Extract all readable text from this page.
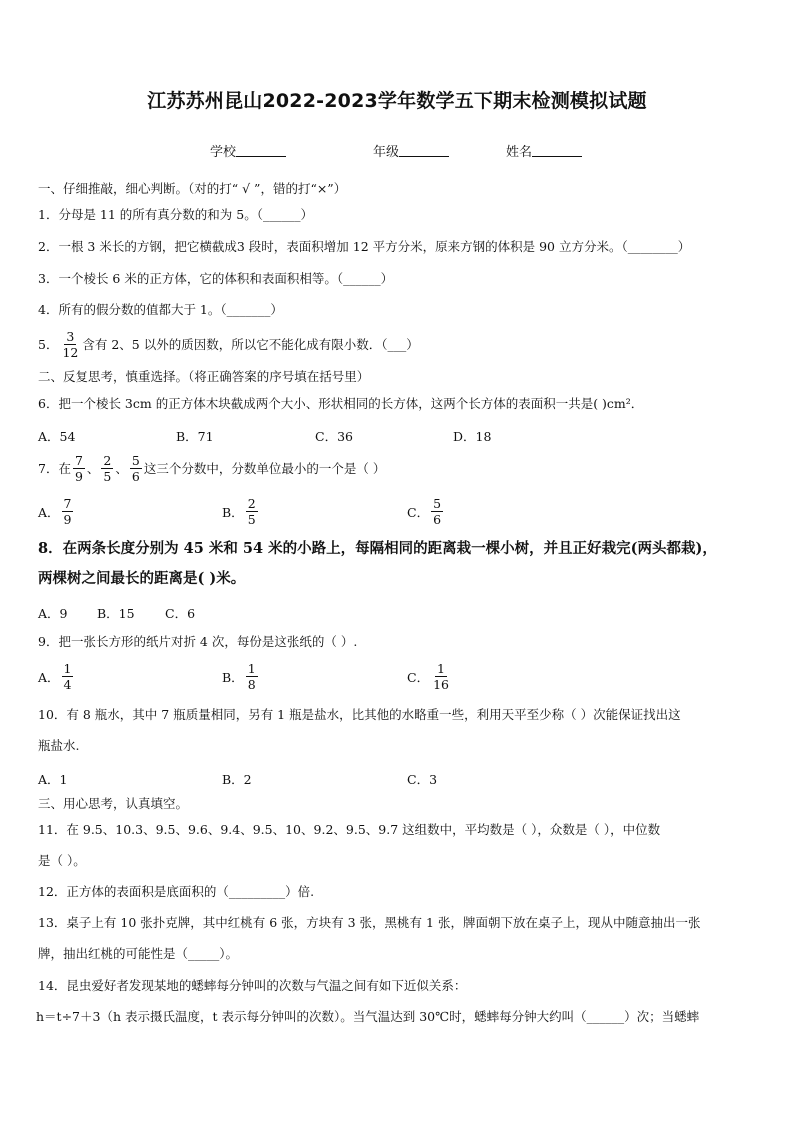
江苏苏州昆山2022-2023学年数学五下期末检测模拟试题
学校	年级	姓名
一、仔细推敲，细心判断。（对的打“ √ ”，错的打“×”）
1．分母是 11 的所有真分数的和为 5。（______）
2．一根 3 米长的方钢，把它横截成3 段时，表面积增加 12 平方分米，原来方钢的体积是 90 立方分米。（________）
3．一个棱长 6 米的正方体，它的体积和表面积相等。（______）
4．所有的假分数的值都大于 1。（_______）
5． $\frac{3}{12}$ 含有 2、5 以外的质因数，所以它不能化成有限小数．（___）
二、反复思考，慎重选择。（将正确答案的序号填在括号里）
6．把一个棱长 3cm 的正方体木块截成两个大小、形状相同的长方体，这两个长方体的表面积一共是( )cm²．
A．54	B．71	C．36	D．18
7．在 $\frac{7}{9}$ 、 $\frac{2}{5}$ 、 $\frac{5}{6}$ 这三个分数中，分数单位最小的一个是（ ）
A． $\frac{7}{9}$	B． $\frac{2}{5}$	C． $\frac{5}{6}$
8．在两条长度分别为 45 米和 54 米的小路上，每隔相同的距离栽一棵小树，并且正好栽完(两头都栽)，
两棵树之间最长的距离是( )米。
A．9 B．15 C．6
9．把一张长方形的纸片对折 4 次，每份是这张纸的（ ）.
A． $\frac{1}{4}$	B． $\frac{1}{8}$	C． $\frac{1}{16}$
10．有 8 瓶水，其中 7 瓶质量相同，另有 1 瓶是盐水，比其他的水略重一些，利用天平至少称（ ）次能保证找出这
瓶盐水.
A．1	B．2	C．3
三、用心思考，认真填空。
11．在 9.5、10.3、9.5、9.6、9.4、9.5、10、9.2、9.5、9.7 这组数中，平均数是（ ），众数是（ ），中位数
是（ ）。
12．正方体的表面积是底面积的（_________）倍.
13．桌子上有 10 张扑克牌，其中红桃有 6 张，方块有 3 张，黑桃有 1 张，牌面朝下放在桌子上，现从中随意抽出一张
牌，抽出红桃的可能性是（_____）。
14．昆虫爱好者发现某地的蟋蟀每分钟叫的次数与气温之间有如下近似关系：
h＝t÷7＋3（h 表示摄氏温度，t 表示每分钟叫的次数）。当气温达到 30℃时，蟋蟀每分钟大约叫（______）次；当蟋蟀
